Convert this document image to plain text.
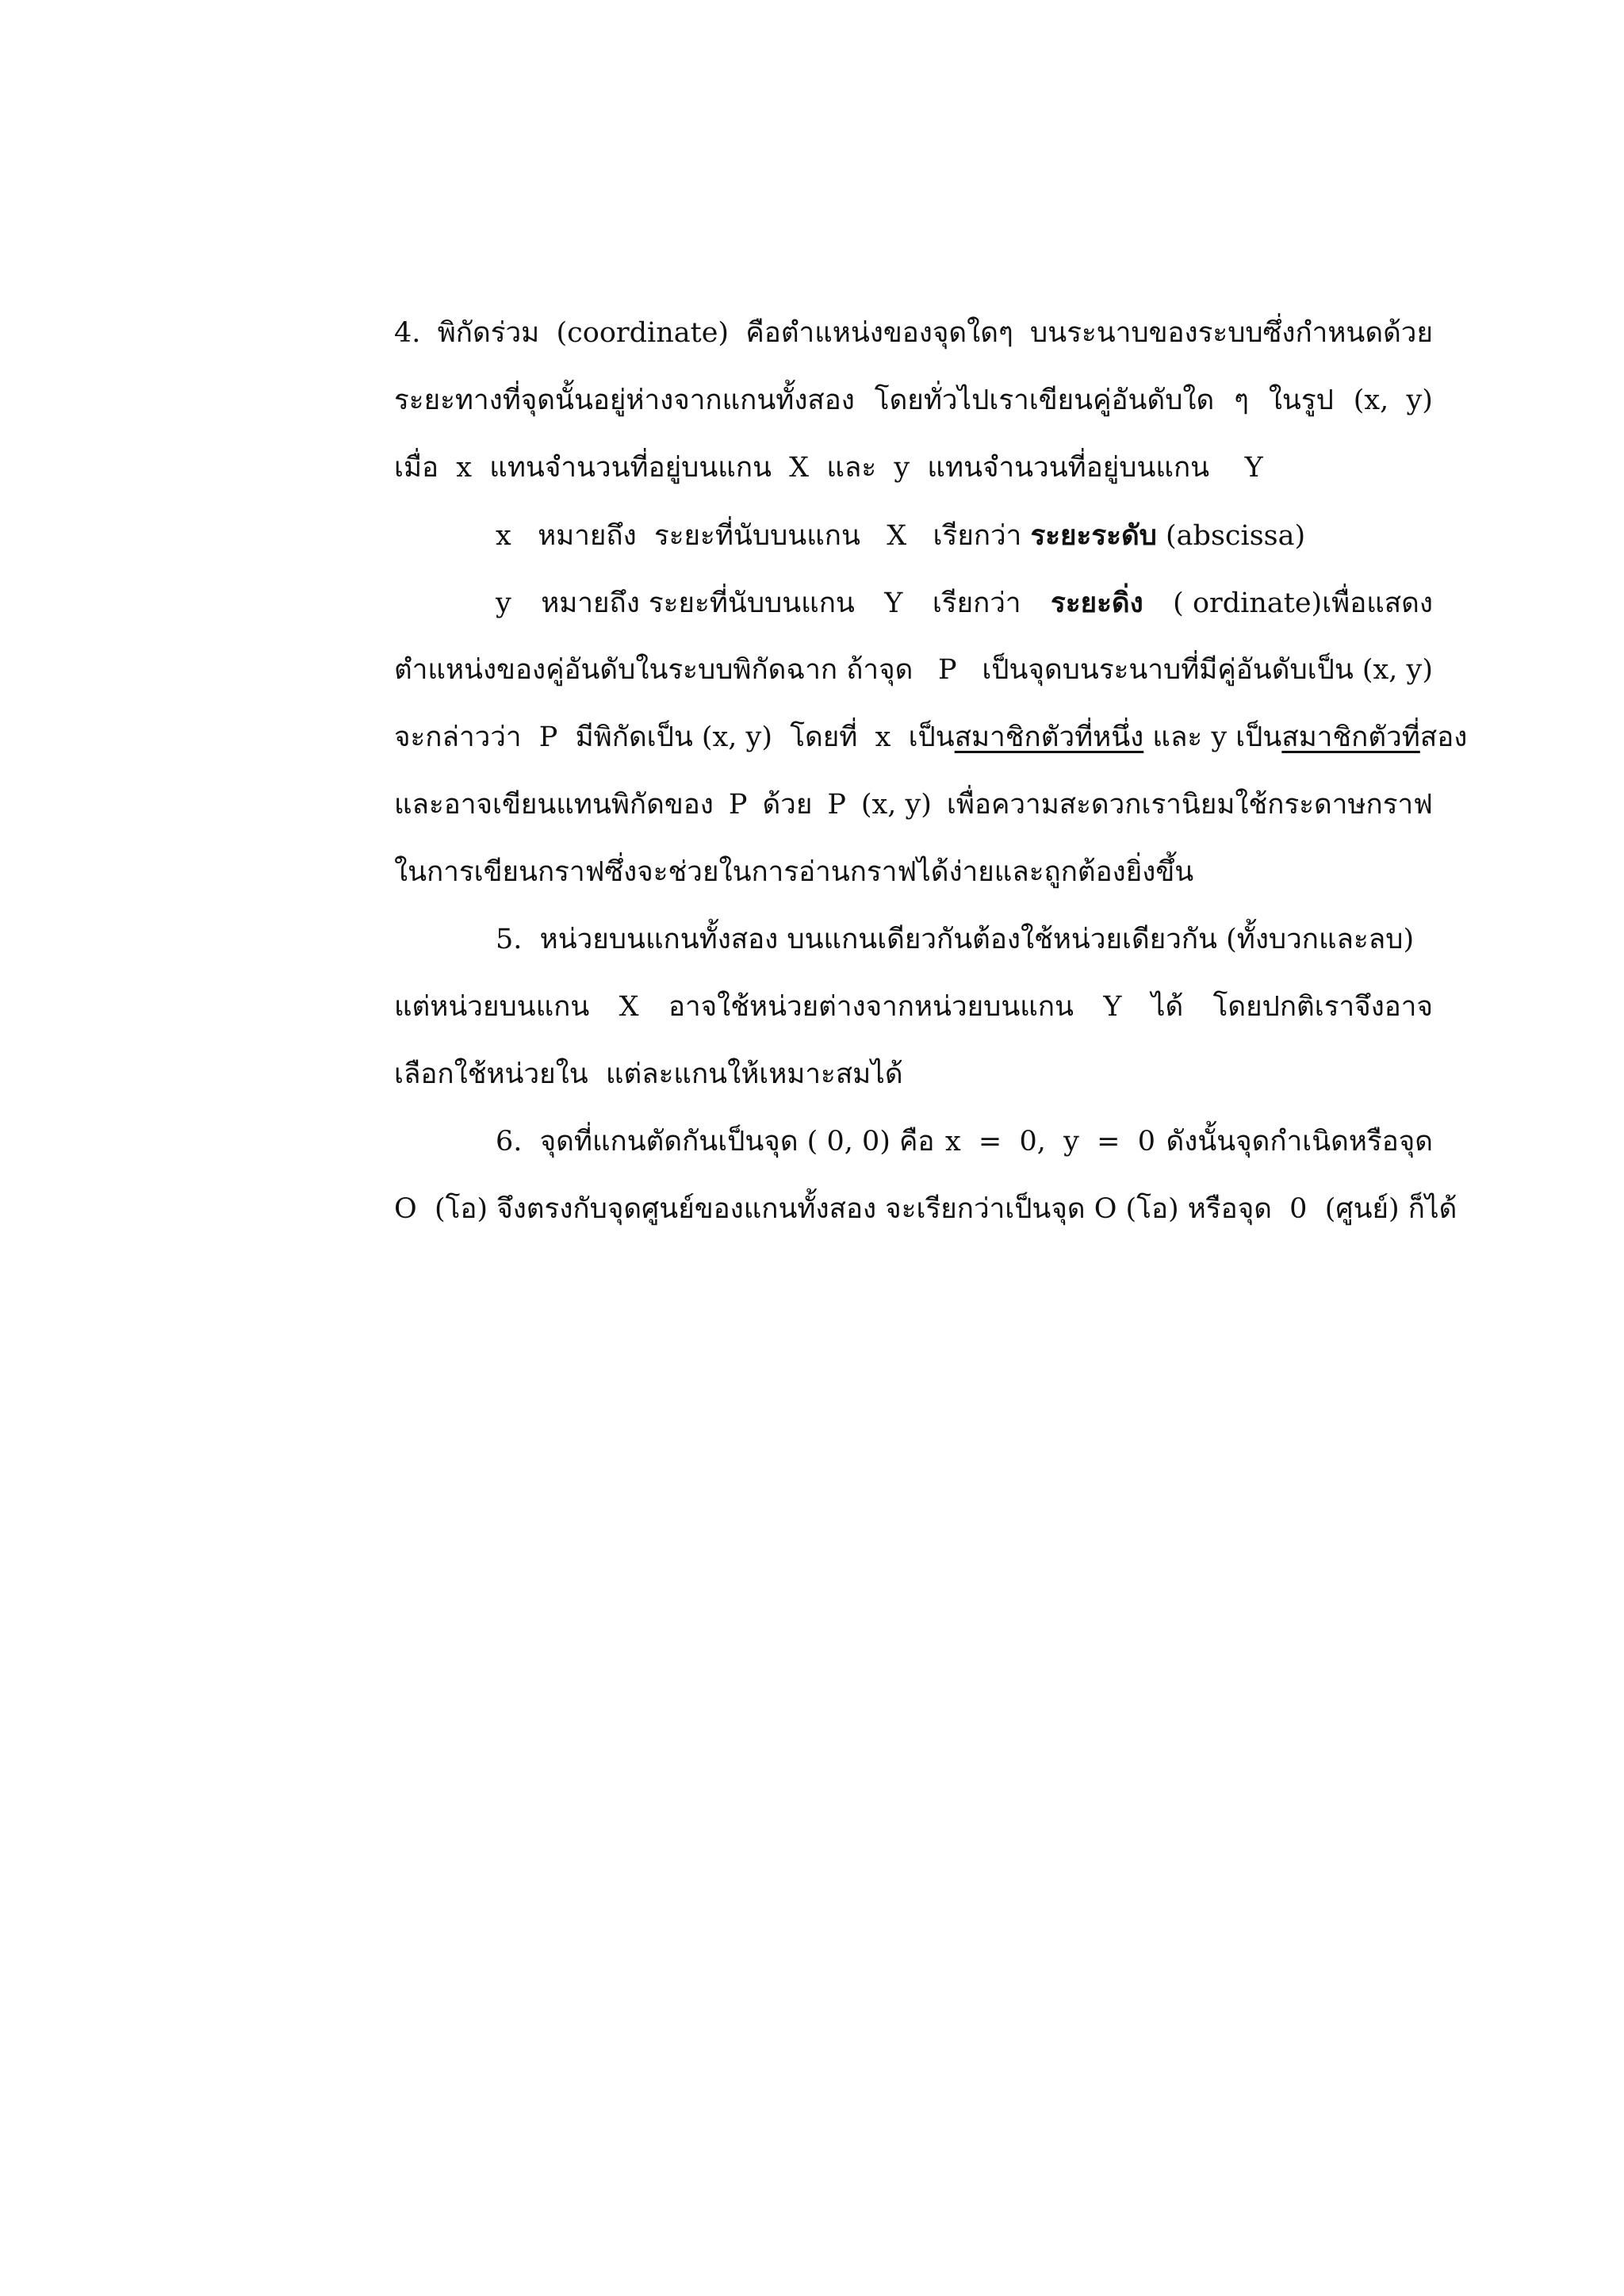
4. พิกัดร่วม (coordinate) คือตำแหน่งของจุดใดๆ บนระนาบของระบบซึ่งกำหนดด้วย
ระยะทางที่จุดนั้นอยู่ห่างจากแกนทั้งสอง โดยทั่วไปเราเขียนคู่อันดับใด ๆ ในรูป (x,  y)
เมื่อ  x  แทนจำนวนที่อยู่บนแกน  X  และ  y  แทนจำนวนที่อยู่บนแกน    Y
x   หมายถึง  ระยะที่นับบนแกน   X   เรียกว่า ระยะระดับ (abscissa)
y หมายถึง ระยะที่นับบนแกน Y เรียกว่า ระยะดิ่ง ( ordinate)เพื่อแสดง
ตำแหน่งของคู่อันดับในระบบพิกัดฉาก ถ้าจุด P เป็นจุดบนระนาบที่มีคู่อันดับเป็น (x, y)
จะกล่าวว่า  P  มีพิกัดเป็น (x, y)  โดยที่  x  เป็น สมาชิกตัวที่หนึ่ง และ y เป็น สมาชิกตัวที่ สอง
และอาจเขียนแทนพิกัดของ P ด้วย P (x, y) เพื่อความสะดวกเรานิยมใช้กระดาษกราฟ
ในการเขียนกราฟซึ่งจะช่วยในการอ่านกราฟได้ง่ายและถูกต้องยิ่งขึ้น
5.  หน่วยบนแกนทั้งสอง บนแกนเดียวกันต้องใช้หน่วยเดียวกัน (ทั้งบวกและลบ)
แต่หน่วยบนแกน X อาจใช้หน่วยต่างจากหน่วยบนแกน Y ได้ โดยปกติเราจึงอาจ
เลือกใช้หน่วยใน  แต่ละแกนให้เหมาะสมได้
6.  จุดที่แกนตัดกันเป็นจุด ( 0, 0) คือ x  =  0,  y  =  0 ดังนั้นจุดกำเนิดหรือจุด
O  (โอ) จึงตรงกับจุดศูนย์ของแกนทั้งสอง จะเรียกว่าเป็นจุด O (โอ) หรือจุด  0  (ศูนย์) ก็ได้
